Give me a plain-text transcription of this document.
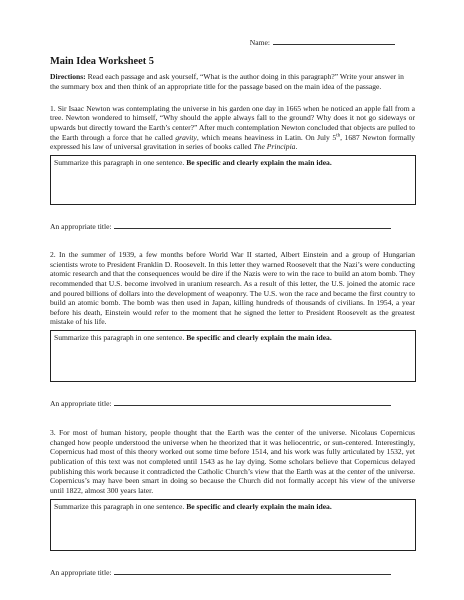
Name:
Main Idea Worksheet 5
Directions: Read each passage and ask yourself, “What is the author doing in this paragraph?” Write your answer in the summary box and then think of an appropriate title for the passage based on the main idea of the passage.
1. Sir Isaac Newton was contemplating the universe in his garden one day in 1665 when he noticed an apple fall from a tree. Newton wondered to himself, “Why should the apple always fall to the ground? Why does it not go sideways or upwards but directly toward the Earth’s center?” After much contemplation Newton concluded that objects are pulled to the Earth through a force that he called gravity, which means heaviness in Latin. On July 5th, 1687 Newton formally expressed his law of universal gravitation in series of books called The Principia.
Summarize this paragraph in one sentence. Be specific and clearly explain the main idea.
An appropriate title:
2. In the summer of 1939, a few months before World War II started, Albert Einstein and a group of Hungarian scientists wrote to President Franklin D. Roosevelt. In this letter they warned Roosevelt that the Nazi’s were conducting atomic research and that the consequences would be dire if the Nazis were to win the race to build an atom bomb. They recommended that U.S. become involved in uranium research. As a result of this letter, the U.S. joined the atomic race and poured billions of dollars into the development of weaponry. The U.S. won the race and became the first country to build an atomic bomb. The bomb was then used in Japan, killing hundreds of thousands of civilians. In 1954, a year before his death, Einstein would refer to the moment that he signed the letter to President Roosevelt as the greatest mistake of his life.
Summarize this paragraph in one sentence. Be specific and clearly explain the main idea.
An appropriate title:
3. For most of human history, people thought that the Earth was the center of the universe. Nicolaus Copernicus changed how people understood the universe when he theorized that it was heliocentric, or sun-centered. Interestingly, Copernicus had most of this theory worked out some time before 1514, and his work was fully articulated by 1532, yet publication of this text was not completed until 1543 as he lay dying. Some scholars believe that Copernicus delayed publishing this work because it contradicted the Catholic Church’s view that the Earth was at the center of the universe. Copernicus’s may have been smart in doing so because the Church did not formally accept his view of the universe until 1822, almost 300 years later.
Summarize this paragraph in one sentence. Be specific and clearly explain the main idea.
An appropriate title:
